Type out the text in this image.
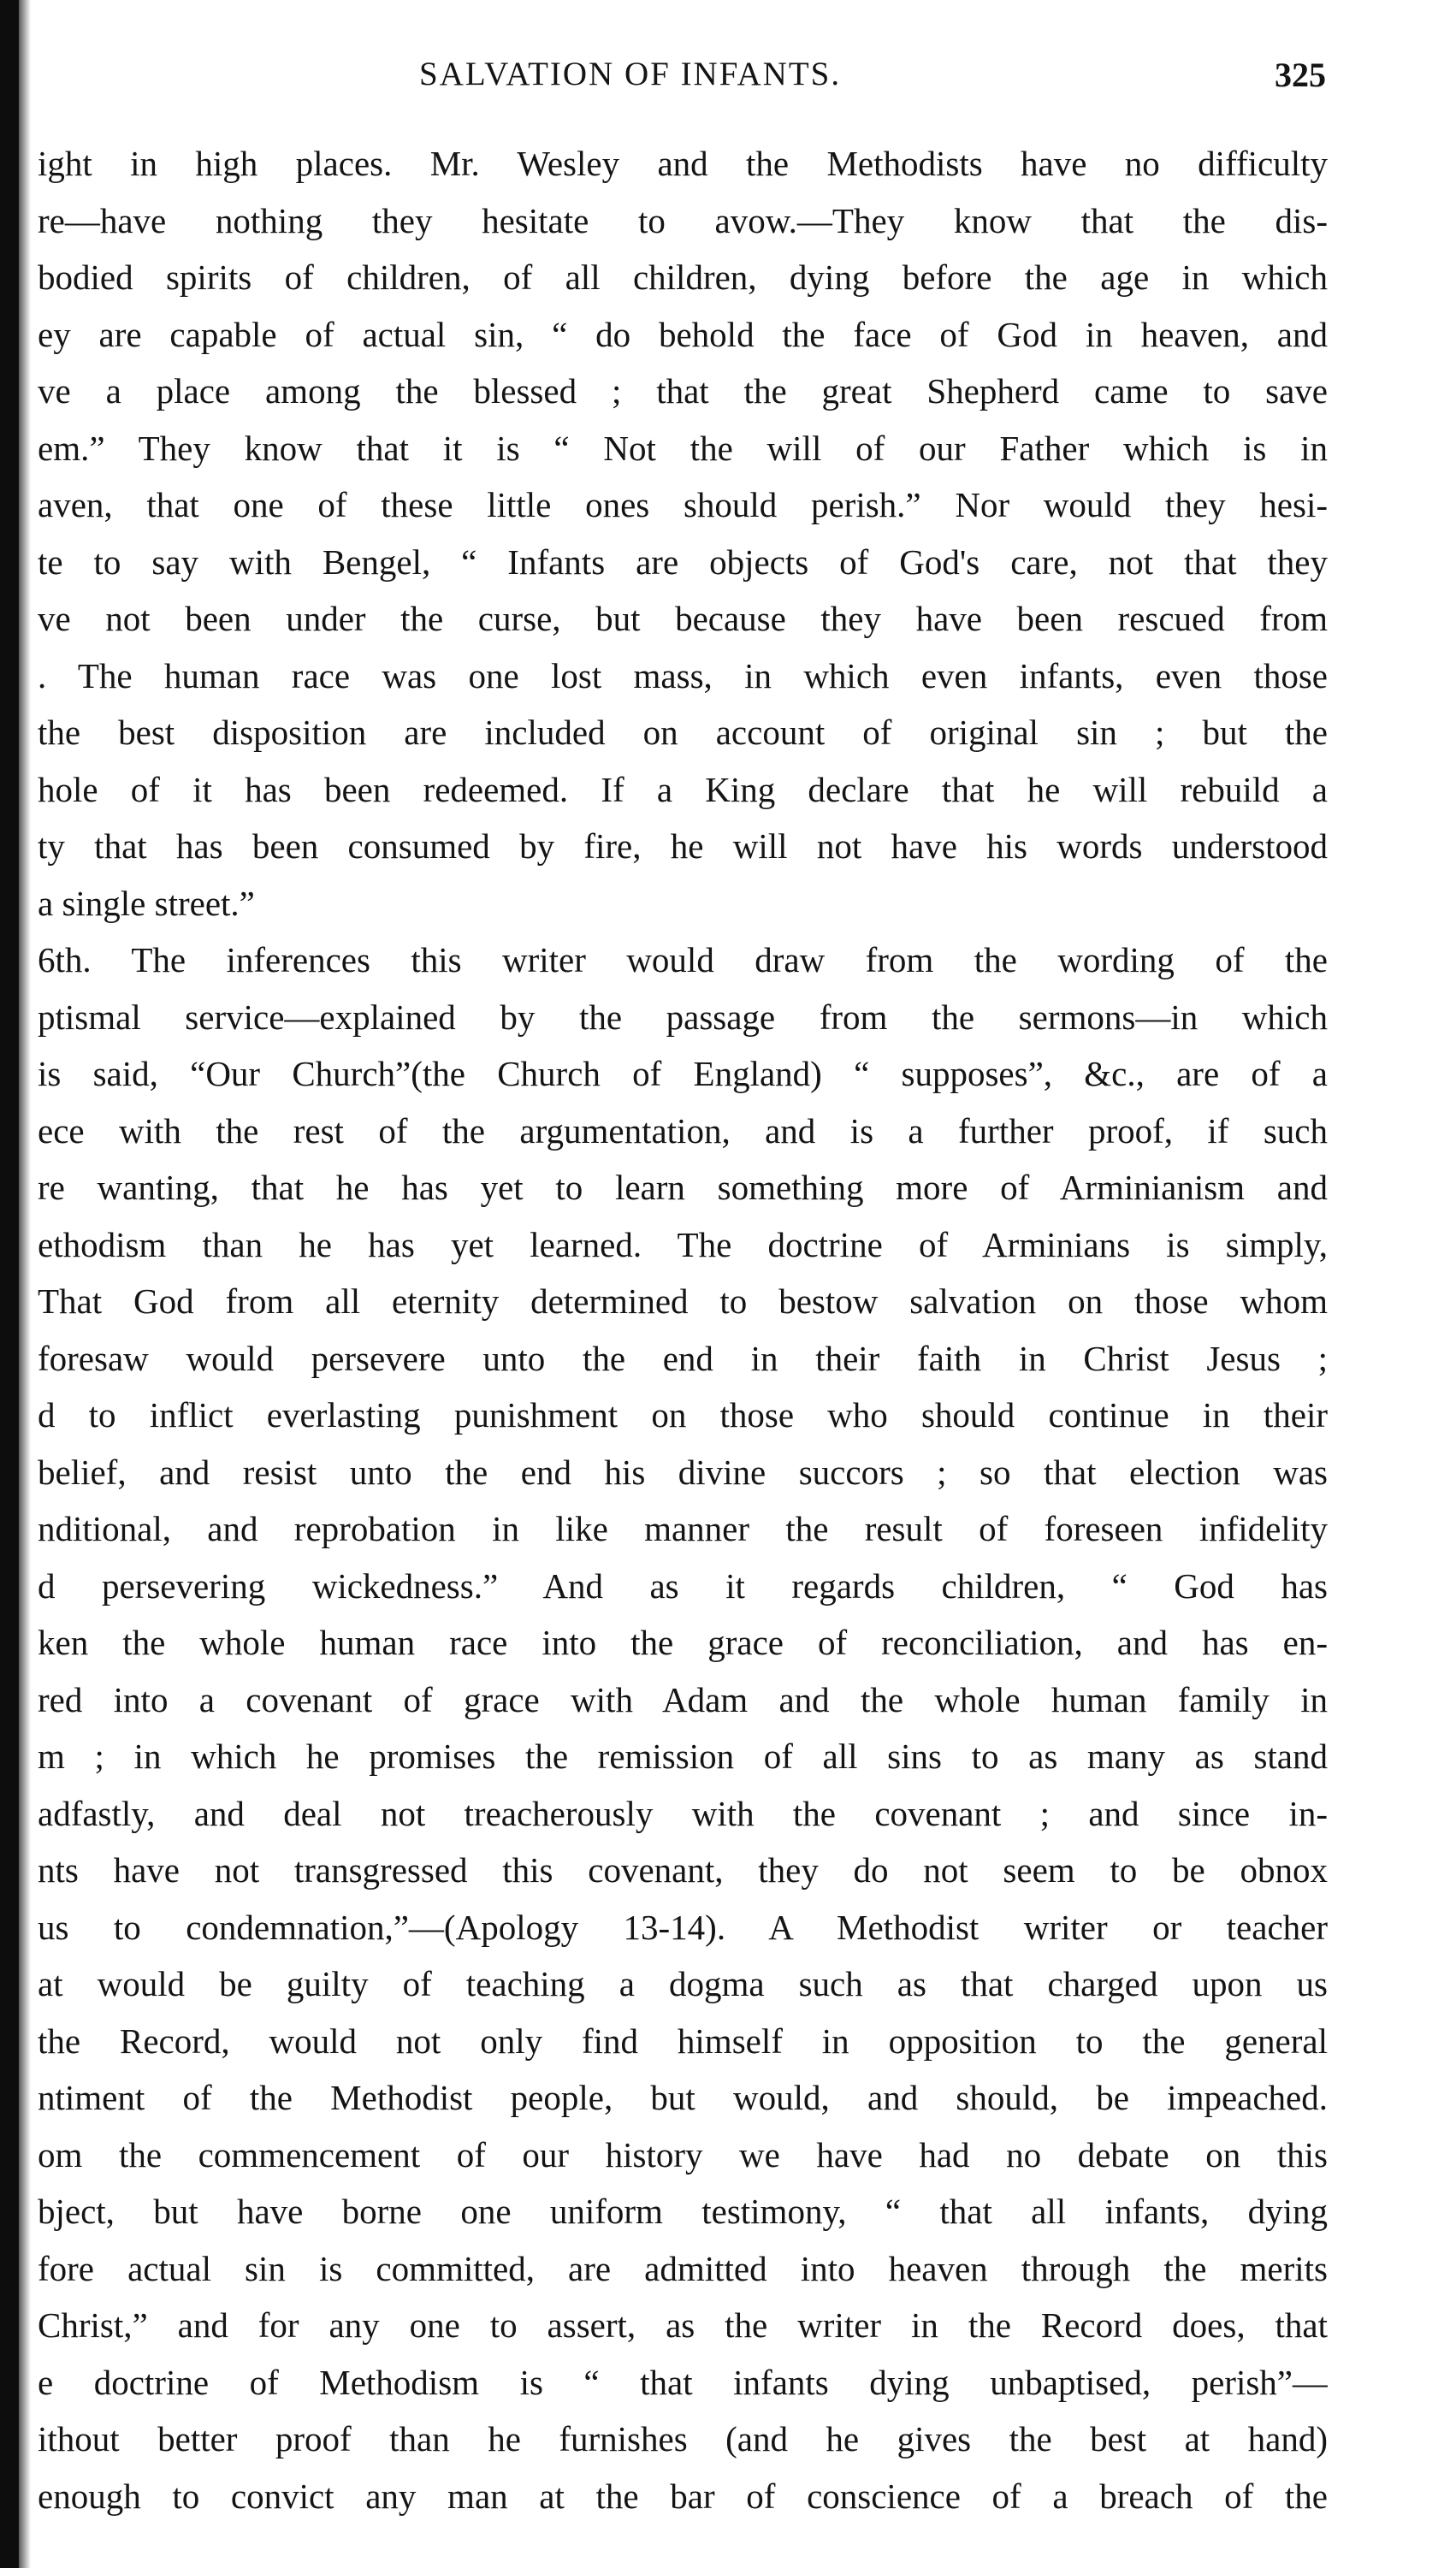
SALVATION OF INFANTS.	325
ight in high places. Mr. Wesley and the Methodists have no difficulty
re—have nothing they hesitate to avow.—They know that the dis-
bodied spirits of children, of all children, dying before the age in which
ey are capable of actual sin, “ do behold the face of God in heaven, and
ve a place among the blessed ; that the great Shepherd came to save
em.” They know that it is “ Not the will of our Father which is in
aven, that one of these little ones should perish.” Nor would they hesi-
te to say with Bengel, “ Infants are objects of God's care, not that they
ve not been under the curse, but because they have been rescued from
. The human race was one lost mass, in which even infants, even those
the best disposition are included on account of original sin ; but the
hole of it has been redeemed. If a King declare that he will rebuild a
ty that has been consumed by fire, he will not have his words understood
a single street.”
6th. The inferences this writer would draw from the wording of the
ptismal service—explained by the passage from the sermons—in which
is said, “Our Church”(the Church of England) “ supposes”, &c., are of a
ece with the rest of the argumentation, and is a further proof, if such
re wanting, that he has yet to learn something more of Arminianism and
ethodism than he has yet learned. The doctrine of Arminians is simply,
That God from all eternity determined to bestow salvation on those whom
foresaw would persevere unto the end in their faith in Christ Jesus ;
d to inflict everlasting punishment on those who should continue in their
belief, and resist unto the end his divine succors ; so that election was
nditional, and reprobation in like manner the result of foreseen infidelity
d persevering wickedness.” And as it regards children, “ God has
ken the whole human race into the grace of reconciliation, and has en-
red into a covenant of grace with Adam and the whole human family in
m ; in which he promises the remission of all sins to as many as stand
adfastly, and deal not treacherously with the covenant ; and since in-
nts have not transgressed this covenant, they do not seem to be obnox
us to condemnation,”—(Apology 13-14). A Methodist writer or teacher
at would be guilty of teaching a dogma such as that charged upon us
the Record, would not only find himself in opposition to the general
ntiment of the Methodist people, but would, and should, be impeached.
om the commencement of our history we have had no debate on this
bject, but have borne one uniform testimony, “ that all infants, dying
fore actual sin is committed, are admitted into heaven through the merits
Christ,” and for any one to assert, as the writer in the Record does, that
e doctrine of Methodism is “ that infants dying unbaptised, perish”—
ithout better proof than he furnishes (and he gives the best at hand)
enough to convict any man at the bar of conscience of a breach of the
